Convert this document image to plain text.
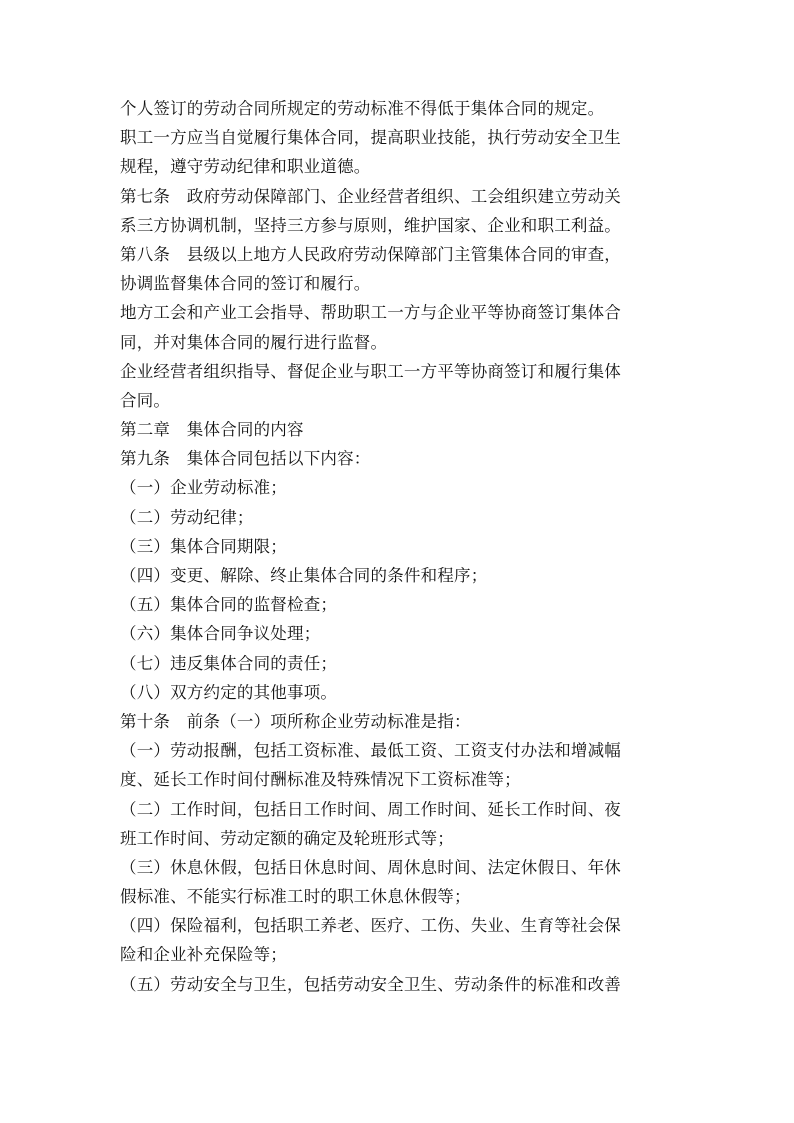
个人签订的劳动合同所规定的劳动标准不得低于集体合同的规定。
职工一方应当自觉履行集体合同，提高职业技能，执行劳动安全卫生
规程，遵守劳动纪律和职业道德。
第七条　政府劳动保障部门、企业经营者组织、工会组织建立劳动关
系三方协调机制，坚持三方参与原则，维护国家、企业和职工利益。
第八条　县级以上地方人民政府劳动保障部门主管集体合同的审查，
协调监督集体合同的签订和履行。
地方工会和产业工会指导、帮助职工一方与企业平等协商签订集体合
同，并对集体合同的履行进行监督。
企业经营者组织指导、督促企业与职工一方平等协商签订和履行集体
合同。
第二章　集体合同的内容
第九条　集体合同包括以下内容：
（一）企业劳动标准；
（二）劳动纪律；
（三）集体合同期限；
（四）变更、解除、终止集体合同的条件和程序；
（五）集体合同的监督检查；
（六）集体合同争议处理；
（七）违反集体合同的责任；
（八）双方约定的其他事项。
第十条　前条（一）项所称企业劳动标准是指：
（一）劳动报酬，包括工资标准、最低工资、工资支付办法和增减幅
度、延长工作时间付酬标准及特殊情况下工资标准等；
（二）工作时间，包括日工作时间、周工作时间、延长工作时间、夜
班工作时间、劳动定额的确定及轮班形式等；
（三）休息休假，包括日休息时间、周休息时间、法定休假日、年休
假标准、不能实行标准工时的职工休息休假等；
（四）保险福利，包括职工养老、医疗、工伤、失业、生育等社会保
险和企业补充保险等；
（五）劳动安全与卫生，包括劳动安全卫生、劳动条件的标准和改善
